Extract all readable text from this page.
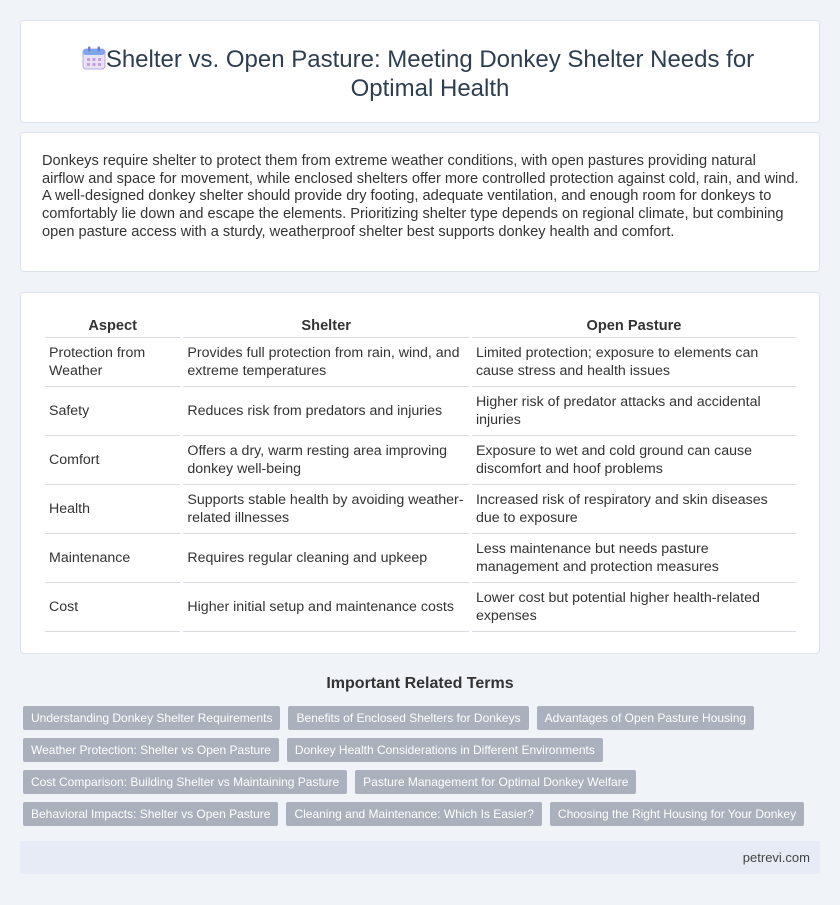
Shelter vs. Open Pasture: Meeting Donkey Shelter Needs for Optimal Health

Donkeys require shelter to protect them from extreme weather conditions, with open pastures providing natural airflow and space for movement, while enclosed shelters offer more controlled protection against cold, rain, and wind. A well-designed donkey shelter should provide dry footing, adequate ventilation, and enough room for donkeys to comfortably lie down and escape the elements. Prioritizing shelter type depends on regional climate, but combining open pasture access with a sturdy, weatherproof shelter best supports donkey health and comfort.

Aspect	Shelter	Open Pasture
Protection from Weather	Provides full protection from rain, wind, and extreme temperatures	Limited protection; exposure to elements can cause stress and health issues
Safety	Reduces risk from predators and injuries	Higher risk of predator attacks and accidental injuries
Comfort	Offers a dry, warm resting area improving donkey well-being	Exposure to wet and cold ground can cause discomfort and hoof problems
Health	Supports stable health by avoiding weather-related illnesses	Increased risk of respiratory and skin diseases due to exposure
Maintenance	Requires regular cleaning and upkeep	Less maintenance but needs pasture management and protection measures
Cost	Higher initial setup and maintenance costs	Lower cost but potential higher health-related expenses
Important Related Terms
Understanding Donkey Shelter Requirements	Benefits of Enclosed Shelters for Donkeys	Advantages of Open Pasture Housing
Weather Protection: Shelter vs Open Pasture	Donkey Health Considerations in Different Environments
Cost Comparison: Building Shelter vs Maintaining Pasture	Pasture Management for Optimal Donkey Welfare
Behavioral Impacts: Shelter vs Open Pasture	Cleaning and Maintenance: Which Is Easier?	Choosing the Right Housing for Your Donkey
petrevi.com
